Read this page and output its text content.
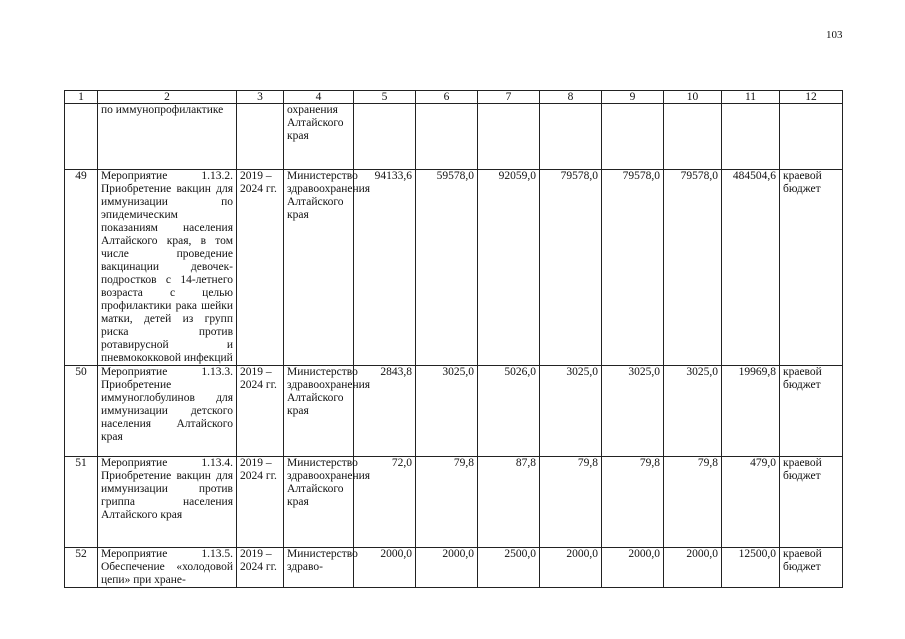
103
1	2	3	4	5	6	7	8	9	10	11	12
	по иммунопрофилактике		охранения Алтайского края								
49	Мероприятие 1.13.2. Приобретение вакцин для иммунизации по эпидемическим показаниям населения Алтайского края, в том числе проведение вакцинации девочек-подростков с 14-летнего возраста с целью профилактики рака шейки матки, детей из групп риска против ротавирусной и пневмококковой инфекций	2019 – 2024 гг.	Министерство здравоохранения Алтайского края	94133,6	59578,0	92059,0	79578,0	79578,0	79578,0	484504,6	краевой бюджет
50	Мероприятие 1.13.3. Приобретение иммуноглобулинов для иммунизации детского населения Алтайского края	2019 – 2024 гг.	Министерство здравоохранения Алтайского края	2843,8	3025,0	5026,0	3025,0	3025,0	3025,0	19969,8	краевой бюджет
51	Мероприятие 1.13.4. Приобретение вакцин для иммунизации против гриппа населения Алтайского края	2019 – 2024 гг.	Министерство здравоохранения Алтайского края	72,0	79,8	87,8	79,8	79,8	79,8	479,0	краевой бюджет
52	Мероприятие 1.13.5. Обеспечение «холодовой цепи» при хране-	2019 – 2024 гг.	Министерство здраво-	2000,0	2000,0	2500,0	2000,0	2000,0	2000,0	12500,0	краевой бюджет
